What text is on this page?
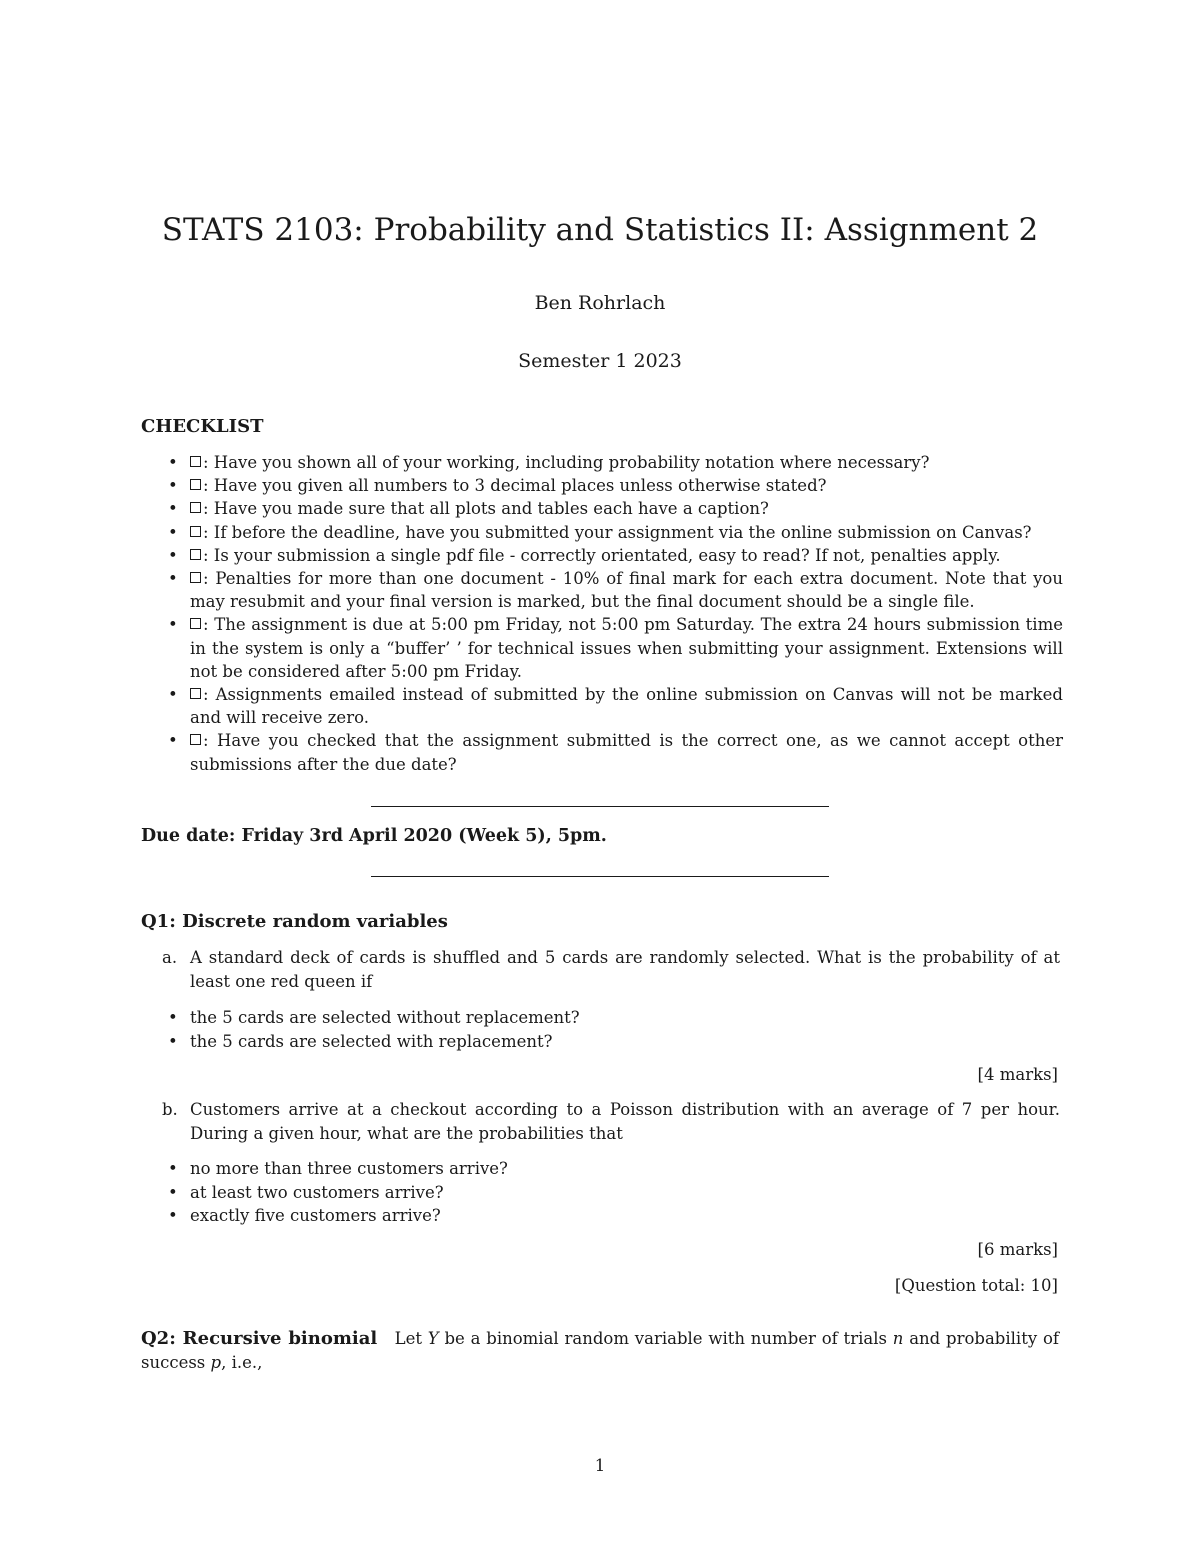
STATS 2103: Probability and Statistics II: Assignment 2
Ben Rohrlach
Semester 1 2023
CHECKLIST
• : Have you shown all of your working, including probability notation where necessary?
• : Have you given all numbers to 3 decimal places unless otherwise stated?
• : Have you made sure that all plots and tables each have a caption?
• : If before the deadline, have you submitted your assignment via the online submission on Canvas?
• : Is your submission a single pdf file - correctly orientated, easy to read? If not, penalties apply.
• : Penalties for more than one document - 10% of final mark for each extra document. Note that you may resubmit and your final version is marked, but the final document should be a single file.
• : The assignment is due at 5:00 pm Friday, not 5:00 pm Saturday. The extra 24 hours submission time in the system is only a “buffer’ ’ for technical issues when submitting your assignment. Extensions will not be considered after 5:00 pm Friday.
• : Assignments emailed instead of submitted by the online submission on Canvas will not be marked and will receive zero.
• : Have you checked that the assignment submitted is the correct one, as we cannot accept other submissions after the due date?
Due date: Friday 3rd April 2020 (Week 5), 5pm.
Q1: Discrete random variables
a. A standard deck of cards is shuffled and 5 cards are randomly selected. What is the probability of at least one red queen if
• the 5 cards are selected without replacement?
• the 5 cards are selected with replacement?
[4 marks]
b. Customers arrive at a checkout according to a Poisson distribution with an average of 7 per hour. During a given hour, what are the probabilities that
• no more than three customers arrive?
• at least two customers arrive?
• exactly five customers arrive?
[6 marks]
[Question total: 10]
Q2: Recursive binomial Let Y be a binomial random variable with number of trials n and probability of success p, i.e.,
1
